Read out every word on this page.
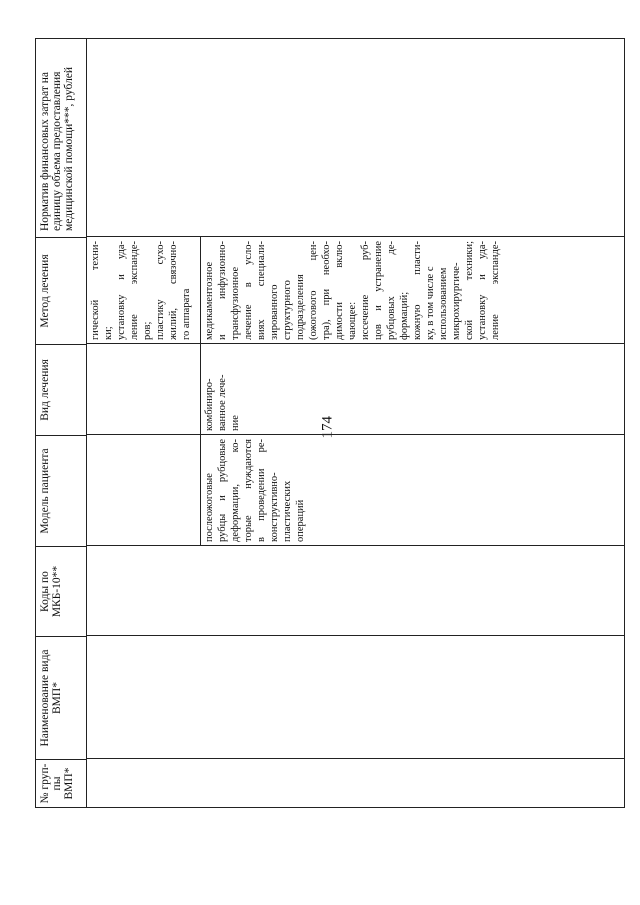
174
№ груп- пы ВМП*
Наименование вида ВМП*
Коды по МКБ-10**
Модель пациента
Вид лечения
Метод лечения
Норматив финансовых затрат на единицу объема предоставления медицинской помощи***, рублей
гической техни- ки; установку и уда- ление экспанде- ров; пластику сухо- жилий, связочно- го аппарата
послеожоговые рубцы и рубцовые деформации, ко- торые нуждаются в проведении ре- конструктивно- пластических операций
комбиниро- ванное лече- ние
медикаментозное и инфузионно- трансфузионное лечение в усло- виях специали- зированного структурного подразделения (ожогового цен- тра), при необхо- димости вклю- чающее: иссечение руб- цов и устранение рубцовых де- формаций; кожную пласти- ку, в том числе с использованием микрохирургиче- ской техники; установку и уда- ление экспанде-
